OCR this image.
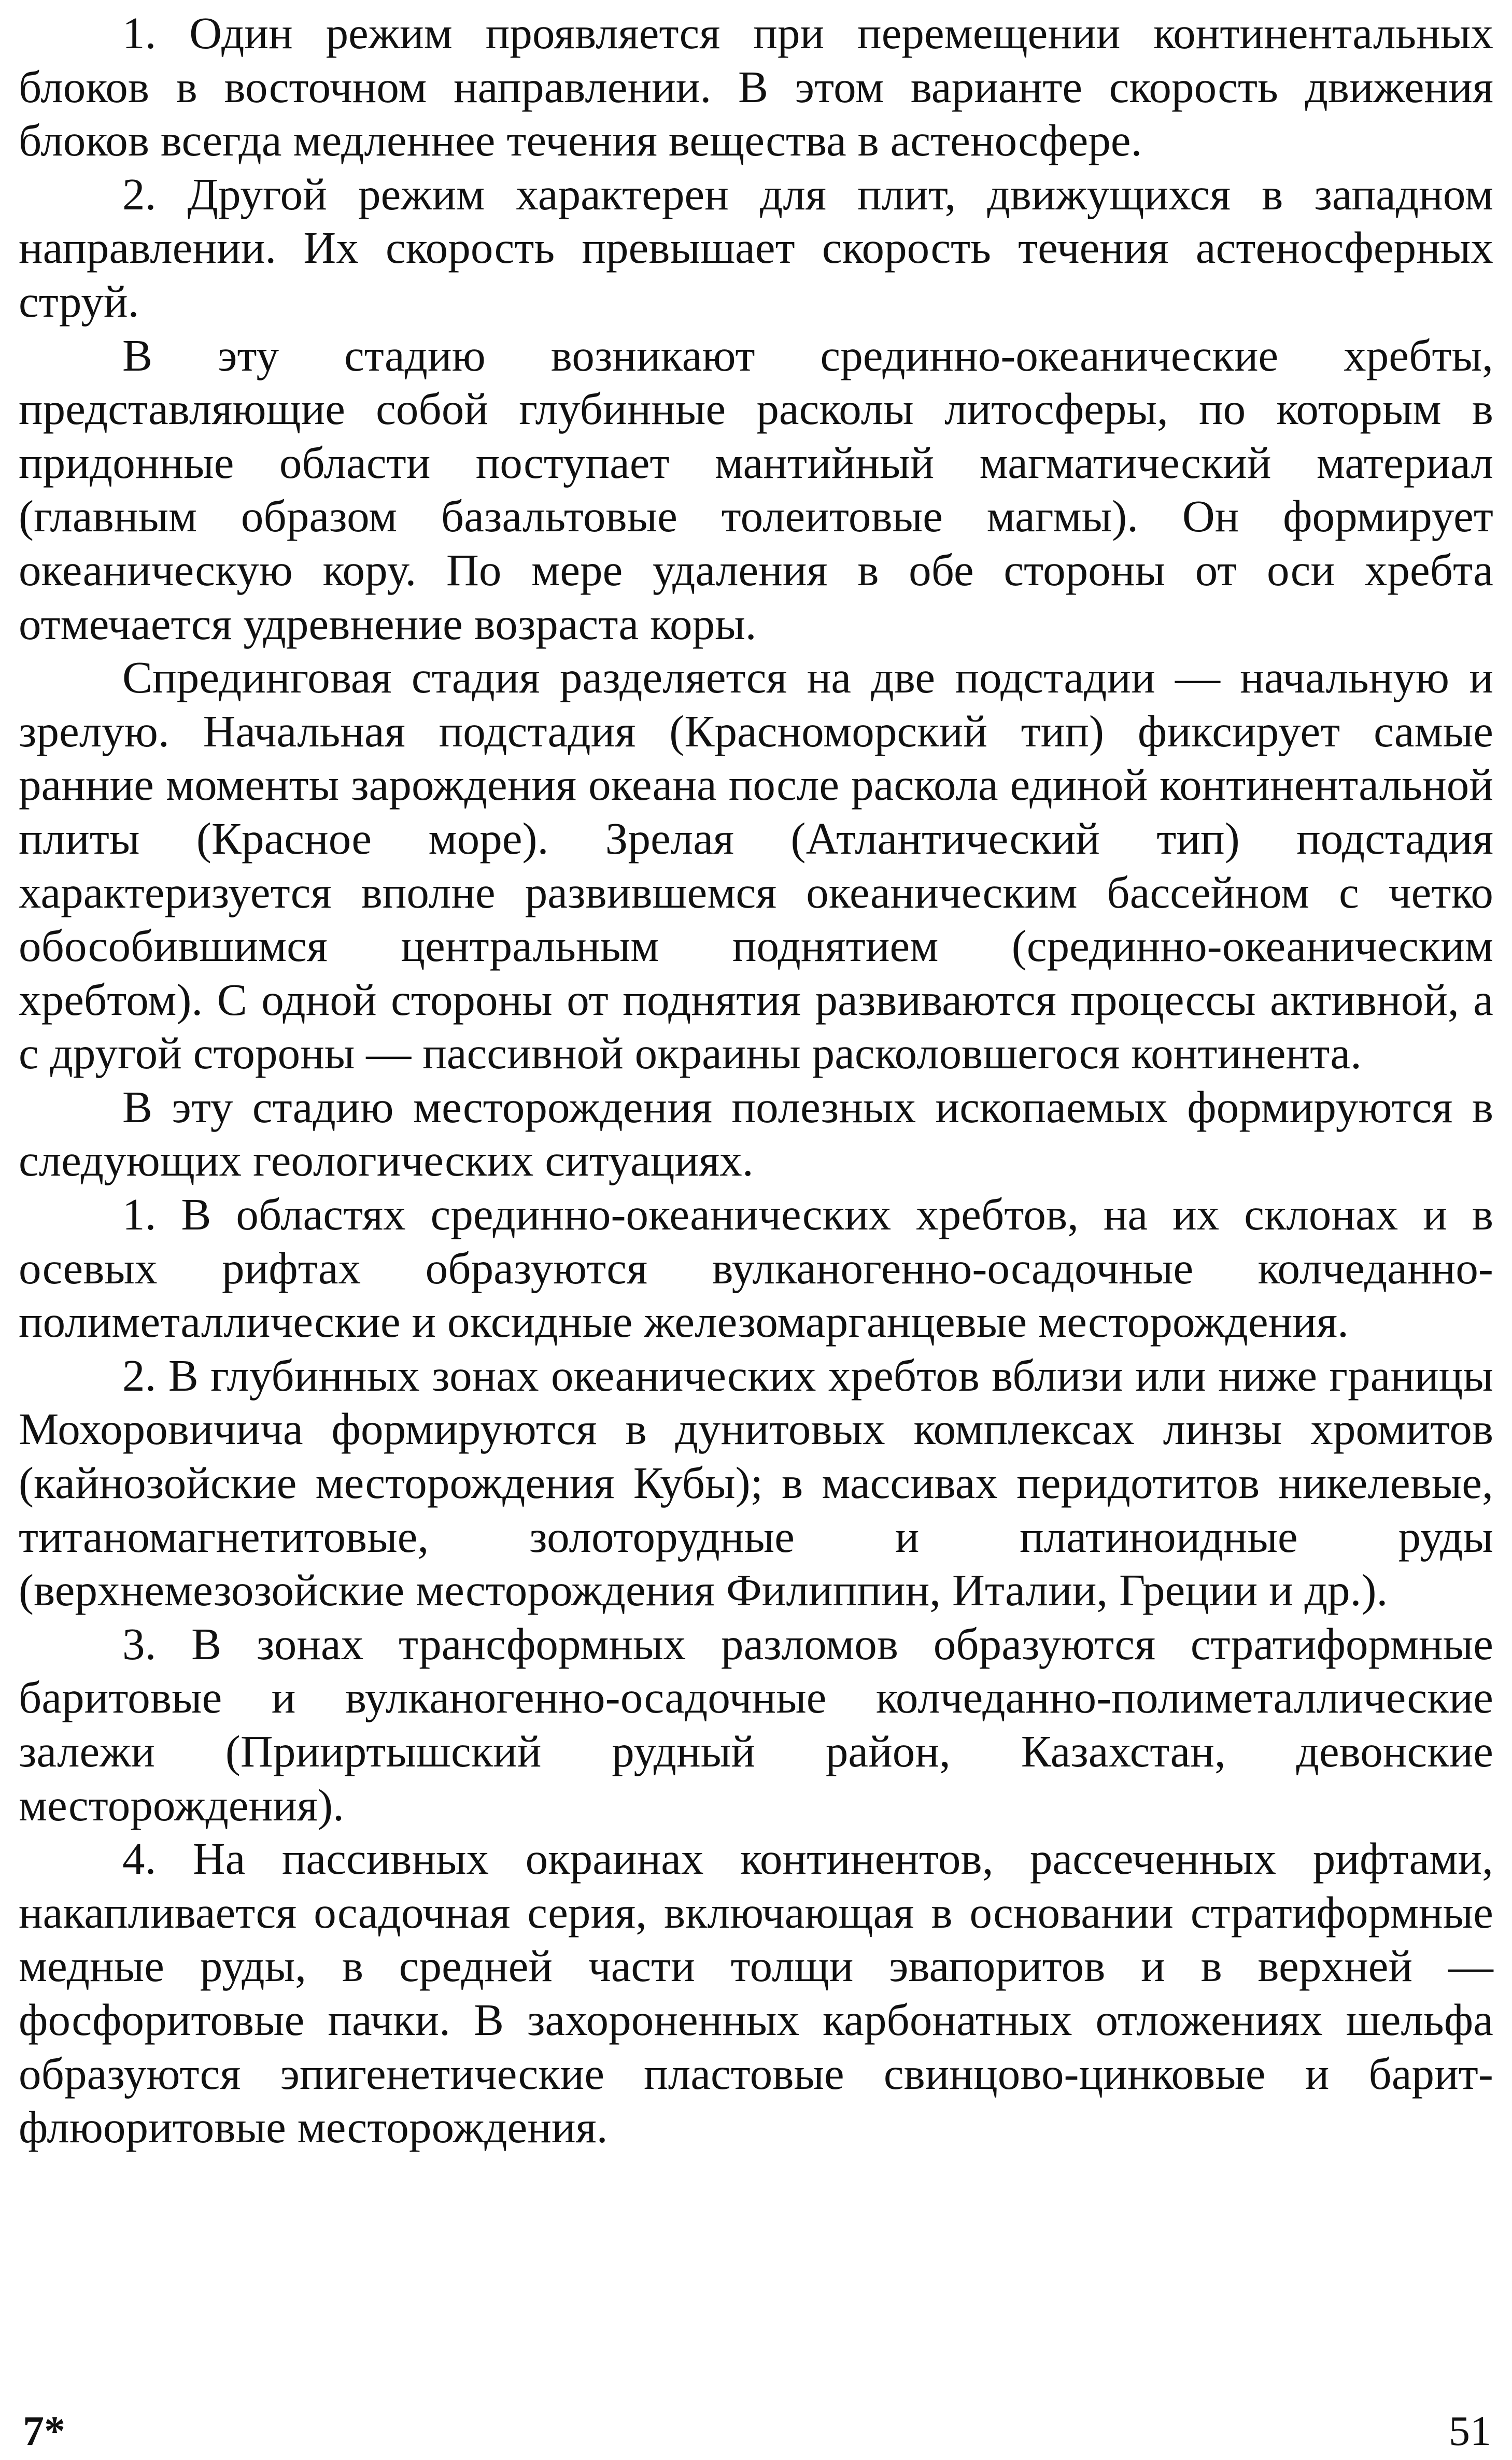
1. Один режим проявляется при перемещении континентальных блоков в восточном направлении. В этом варианте скорость движения блоков всегда медленнее течения вещества в астеносфере.

2. Другой режим характерен для плит, движущихся в западном направлении. Их скорость превышает скорость течения астеносферных струй.

В эту стадию возникают срединно-океанические хребты, представляющие собой глубинные расколы литосферы, по которым в придонные области поступает мантийный магматический материал (главным образом базальтовые толеитовые магмы). Он формирует океаническую кору. По мере удаления в обе стороны от оси хребта отмечается удревнение возраста коры.

Спрединговая стадия разделяется на две подстадии — начальную и зрелую. Начальная подстадия (Красноморский тип) фиксирует самые ранние моменты зарождения океана после раскола единой континентальной плиты (Красное море). Зрелая (Атлантический тип) подстадия характеризуется вполне развившемся океаническим бассейном с четко обособившимся центральным поднятием (срединно-океаническим хребтом). С одной стороны от поднятия развиваются процессы активной, а с другой стороны — пассивной окраины расколовшегося континента.

В эту стадию месторождения полезных ископаемых формируются в следующих геологических ситуациях.

1. В областях срединно-океанических хребтов, на их склонах и в осевых рифтах образуются вулканогенно-осадочные колчеданно-полиметаллические и оксидные железомарганцевые месторождения.

2. В глубинных зонах океанических хребтов вблизи или ниже границы Мохоровичича формируются в дунитовых комплексах линзы хромитов (кайнозойские месторождения Кубы); в массивах перидотитов никелевые, титаномагнетитовые, золоторудные и платиноидные руды (верхнемезозойские месторождения Филиппин, Италии, Греции и др.).

3. В зонах трансформных разломов образуются стратиформные баритовые и вулканогенно-осадочные колчеданно-полиметаллические залежи (Прииртышский рудный район, Казахстан, девонские месторождения).

4. На пассивных окраинах континентов, рассеченных рифтами, накапливается осадочная серия, включающая в основании стратиформные медные руды, в средней части толщи эвапоритов и в верхней — фосфоритовые пачки. В захороненных карбонатных отложениях шельфа образуются эпигенетические пластовые свинцово-цинковые и барит-флюоритовые месторождения.

7*	51
